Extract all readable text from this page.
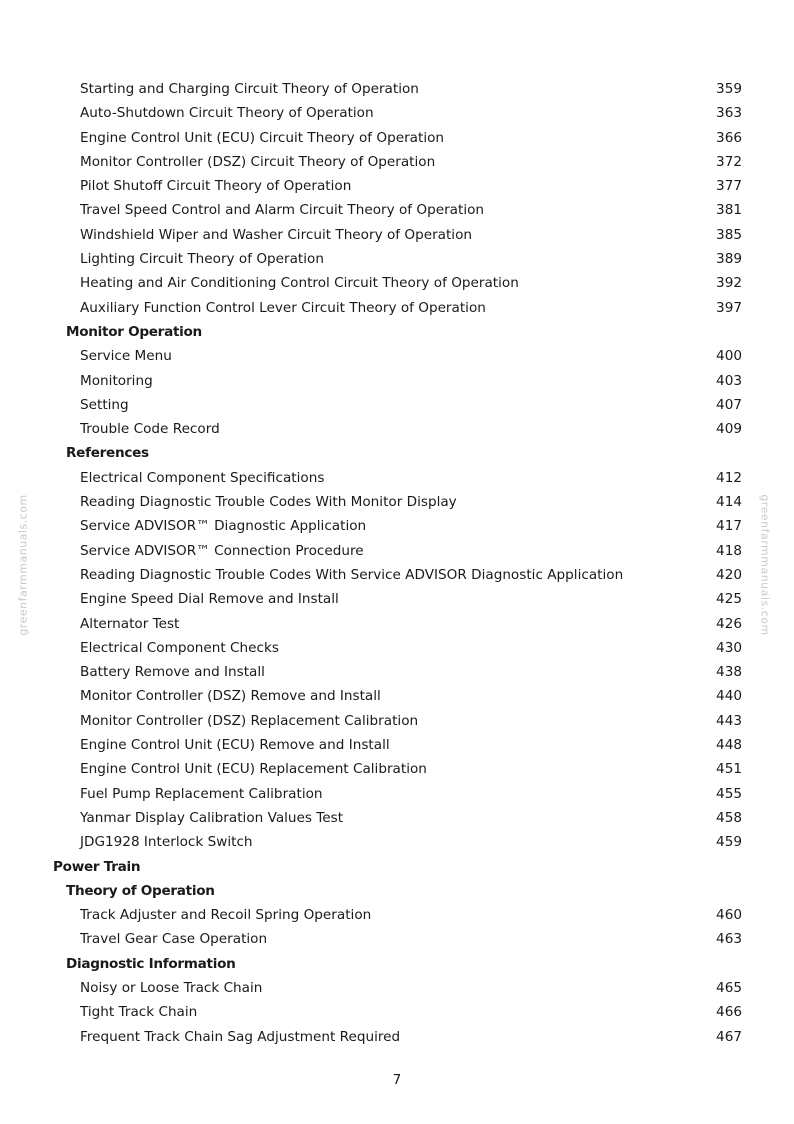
Starting and Charging Circuit Theory of Operation	359
Auto-Shutdown Circuit Theory of Operation	363
Engine Control Unit (ECU) Circuit Theory of Operation	366
Monitor Controller (DSZ) Circuit Theory of Operation	372
Pilot Shutoff Circuit Theory of Operation	377
Travel Speed Control and Alarm Circuit Theory of Operation	381
Windshield Wiper and Washer Circuit Theory of Operation	385
Lighting Circuit Theory of Operation	389
Heating and Air Conditioning Control Circuit Theory of Operation	392
Auxiliary Function Control Lever Circuit Theory of Operation	397
Monitor Operation
Service Menu	400
Monitoring	403
Setting	407
Trouble Code Record	409
References
Electrical Component Specifications	412
Reading Diagnostic Trouble Codes With Monitor Display	414
Service ADVISOR™ Diagnostic Application	417
Service ADVISOR™ Connection Procedure	418
Reading Diagnostic Trouble Codes With Service ADVISOR Diagnostic Application	420
Engine Speed Dial Remove and Install	425
Alternator Test	426
Electrical Component Checks	430
Battery Remove and Install	438
Monitor Controller (DSZ) Remove and Install	440
Monitor Controller (DSZ) Replacement Calibration	443
Engine Control Unit (ECU) Remove and Install	448
Engine Control Unit (ECU) Replacement Calibration	451
Fuel Pump Replacement Calibration	455
Yanmar Display Calibration Values Test	458
JDG1928 Interlock Switch	459
Power Train
Theory of Operation
Track Adjuster and Recoil Spring Operation	460
Travel Gear Case Operation	463
Diagnostic Information
Noisy or Loose Track Chain	465
Tight Track Chain	466
Frequent Track Chain Sag Adjustment Required	467
greenfarmmanuals.com	greenfarmmanuals.com
7
